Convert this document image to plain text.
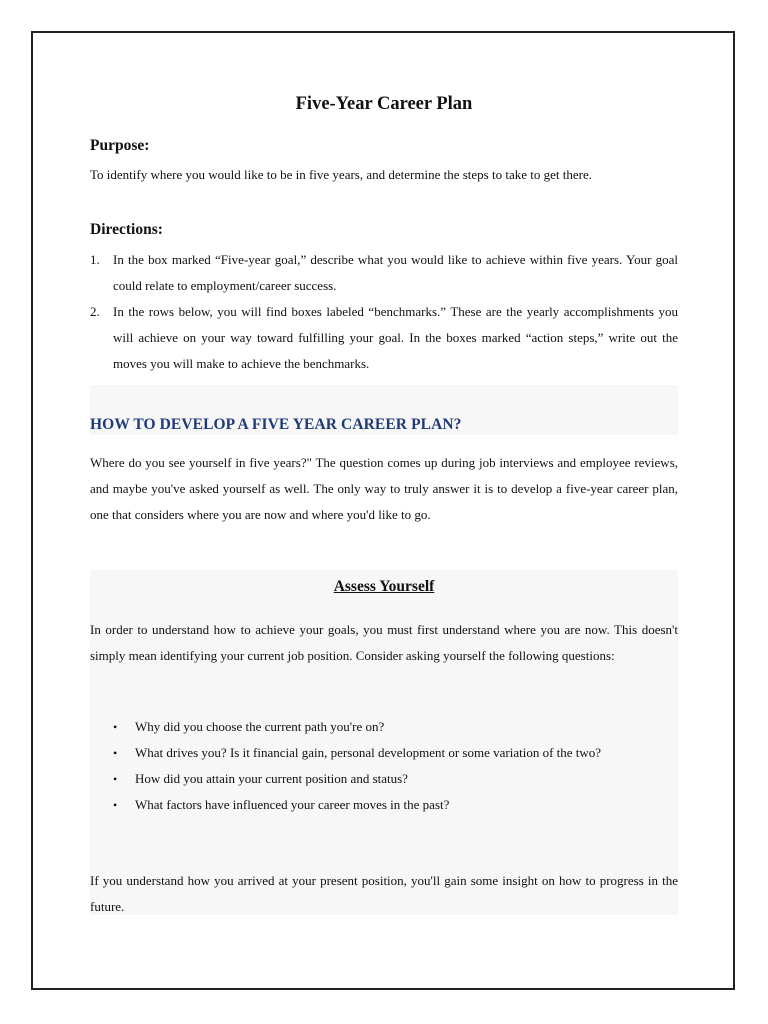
Five-Year Career Plan
Purpose:
To identify where you would like to be in five years, and determine the steps to take to get there.
Directions:
1. In the box marked “Five-year goal,” describe what you would like to achieve within five years. Your goal could relate to employment/career success.
2. In the rows below, you will find boxes labeled “benchmarks.” These are the yearly accomplishments you will achieve on your way toward fulfilling your goal. In the boxes marked “action steps,” write out the moves you will make to achieve the benchmarks.
HOW TO DEVELOP A FIVE YEAR CAREER PLAN?
Where do you see yourself in five years?" The question comes up during job interviews and employee reviews, and maybe you've asked yourself as well. The only way to truly answer it is to develop a five-year career plan, one that considers where you are now and where you'd like to go.
Assess Yourself
In order to understand how to achieve your goals, you must first understand where you are now. This doesn't simply mean identifying your current job position. Consider asking yourself the following questions:
• Why did you choose the current path you're on?
• What drives you? Is it financial gain, personal development or some variation of the two?
• How did you attain your current position and status?
• What factors have influenced your career moves in the past?
If you understand how you arrived at your present position, you'll gain some insight on how to progress in the future.
